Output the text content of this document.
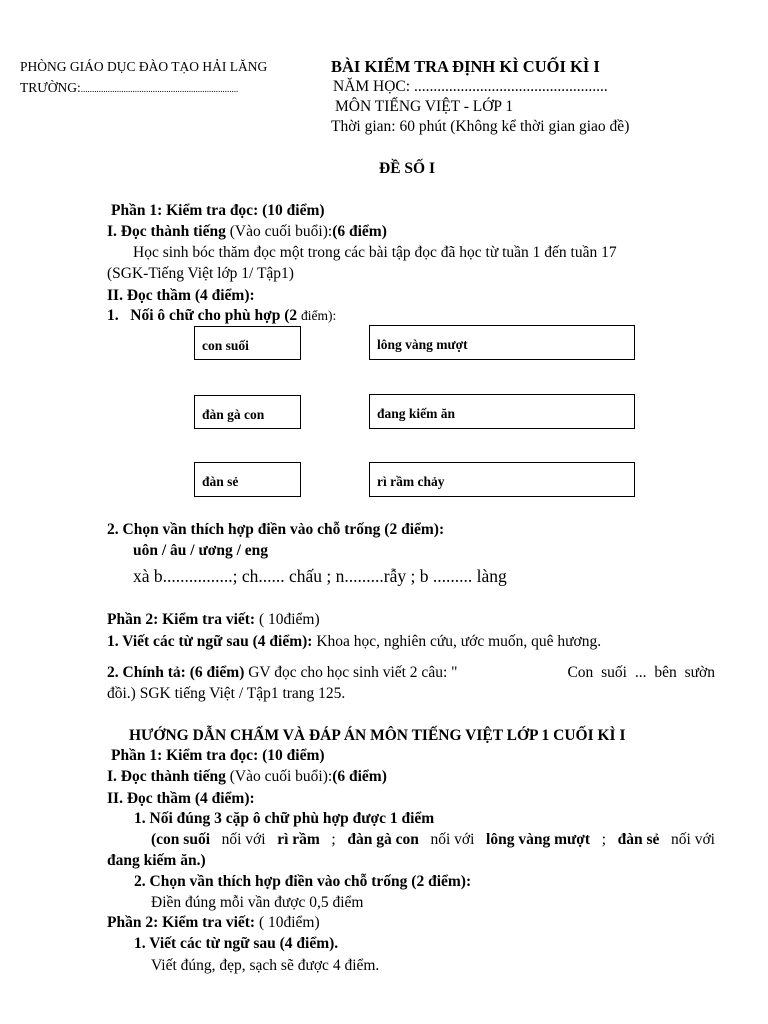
PHÒNG GIÁO DỤC ĐÀO TẠO HẢI LĂNG
TRƯỜNG:......................................................................
BÀI KIỂM TRA ĐỊNH KÌ CUỐI KÌ I
NĂM HỌC: ..................................................
MÔN TIẾNG VIỆT - LỚP 1
Thời gian: 60 phút (Không kể thời gian giao đề)
ĐỀ SỐ I
Phần 1: Kiểm tra đọc: (10 điểm)
I. Đọc thành tiếng (Vào cuối buổi):(6 điểm)
Học sinh bóc thăm đọc một trong các bài tập đọc đã học từ tuần 1 đến tuần 17
(SGK-Tiếng Việt lớp 1/ Tập1)
II. Đọc thầm (4 điểm):
1. Nối ô chữ cho phù hợp (2 điểm):
con suối	lông vàng mượt
đàn gà con	đang kiếm ăn
đàn sẻ	rì rầm chảy
2. Chọn vần thích hợp điền vào chỗ trống (2 điểm):
uôn / âu / ương / eng
xà b................; ch...... chấu ; n.........rẫy ; b ......... làng
Phần 2: Kiểm tra viết: ( 10điểm)
1. Viết các từ ngữ sau (4 điểm): Khoa học, nghiên cứu, ước muốn, quê hương.
2. Chính tả: (6 điểm) GV đọc cho học sinh viết 2 câu: "	Con suối ... bên sườn
đồi.) SGK tiếng Việt / Tập1 trang 125.
HƯỚNG DẪN CHẤM VÀ ĐÁP ÁN MÔN TIẾNG VIỆT LỚP 1 CUỐI KÌ I
Phần 1: Kiểm tra đọc: (10 điểm)
I. Đọc thành tiếng (Vào cuối buổi):(6 điểm)
II. Đọc thầm (4 điểm):
1. Nối đúng 3 cặp ô chữ phù hợp được 1 điểm
(con suối nối với rì rầm ; đàn gà con nối với lông vàng mượt ; đàn sẻ nối với
đang kiếm ăn.)
2. Chọn vần thích hợp điền vào chỗ trống (2 điểm):
Điền đúng mỗi vần được 0,5 điểm
Phần 2: Kiểm tra viết: ( 10điểm)
1. Viết các từ ngữ sau (4 điểm).
Viết đúng, đẹp, sạch sẽ được 4 điểm.
